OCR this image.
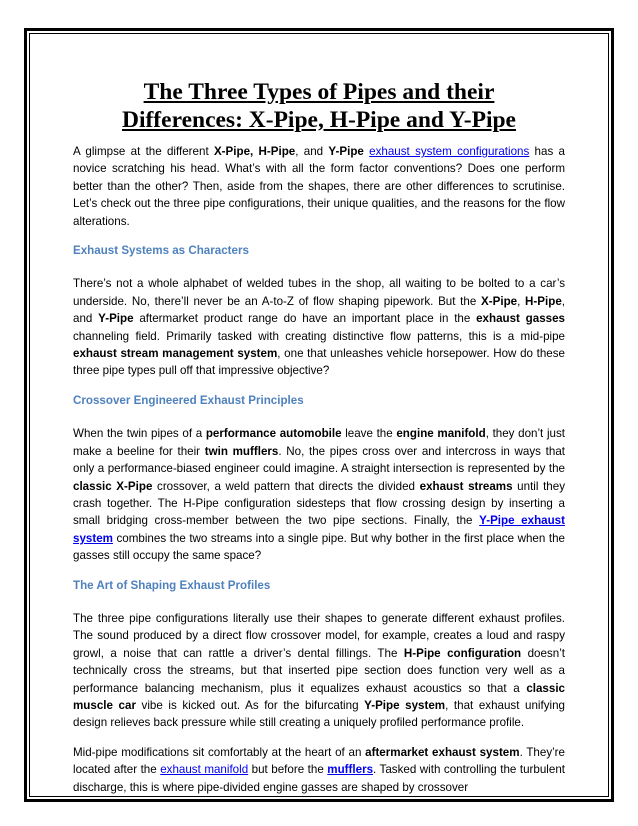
The Three Types of Pipes and their
Differences: X-Pipe, H-Pipe and Y-Pipe

A glimpse at the different X-Pipe, H-Pipe, and Y-Pipe exhaust system configurations has a novice scratching his head. What’s with all the form factor conventions? Does one perform better than the other? Then, aside from the shapes, there are other differences to scrutinise. Let’s check out the three pipe configurations, their unique qualities, and the reasons for the flow alterations.

Exhaust Systems as Characters

There’s not a whole alphabet of welded tubes in the shop, all waiting to be bolted to a car’s underside. No, there’ll never be an A-to-Z of flow shaping pipework. But the X-Pipe, H-Pipe, and Y-Pipe aftermarket product range do have an important place in the exhaust gasses channeling field. Primarily tasked with creating distinctive flow patterns, this is a mid-pipe exhaust stream management system, one that unleashes vehicle horsepower. How do these three pipe types pull off that impressive objective?

Crossover Engineered Exhaust Principles

When the twin pipes of a performance automobile leave the engine manifold, they don’t just make a beeline for their twin mufflers. No, the pipes cross over and intercross in ways that only a performance-biased engineer could imagine. A straight intersection is represented by the classic X-Pipe crossover, a weld pattern that directs the divided exhaust streams until they crash together. The H-Pipe configuration sidesteps that flow crossing design by inserting a small bridging cross-member between the two pipe sections. Finally, the Y-Pipe exhaust system combines the two streams into a single pipe. But why bother in the first place when the gasses still occupy the same space?

The Art of Shaping Exhaust Profiles

The three pipe configurations literally use their shapes to generate different exhaust profiles. The sound produced by a direct flow crossover model, for example, creates a loud and raspy growl, a noise that can rattle a driver’s dental fillings. The H-Pipe configuration doesn’t technically cross the streams, but that inserted pipe section does function very well as a performance balancing mechanism, plus it equalizes exhaust acoustics so that a classic muscle car vibe is kicked out. As for the bifurcating Y-Pipe system, that exhaust unifying design relieves back pressure while still creating a uniquely profiled performance profile.

Mid-pipe modifications sit comfortably at the heart of an aftermarket exhaust system. They’re located after the exhaust manifold but before the mufflers. Tasked with controlling the turbulent discharge, this is where pipe-divided engine gasses are shaped by crossover
